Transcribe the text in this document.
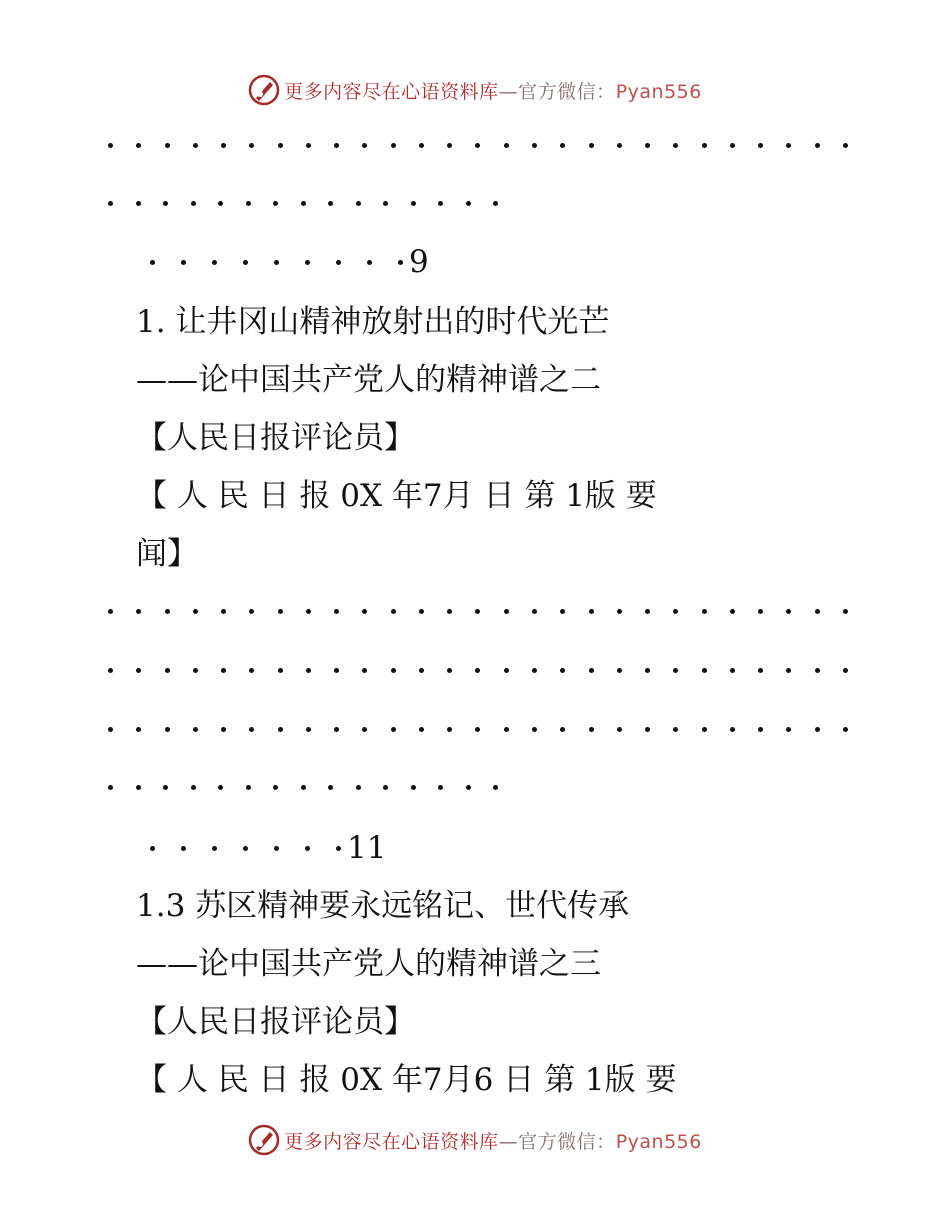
更多内容尽在心语资料库—官方微信：Pyan556
9
1. 让井冈山精神放射出的时代光芒
——论中国共产党人的精神谱之二
【人民日报评论员】
【 人 民 日 报 0X 年7月 日 第 1版 要
闻】
11
1.3 苏区精神要永远铭记、世代传承
——论中国共产党人的精神谱之三
【人民日报评论员】
【 人 民 日 报 0X 年7月6 日 第 1版 要
更多内容尽在心语资料库—官方微信：Pyan556
